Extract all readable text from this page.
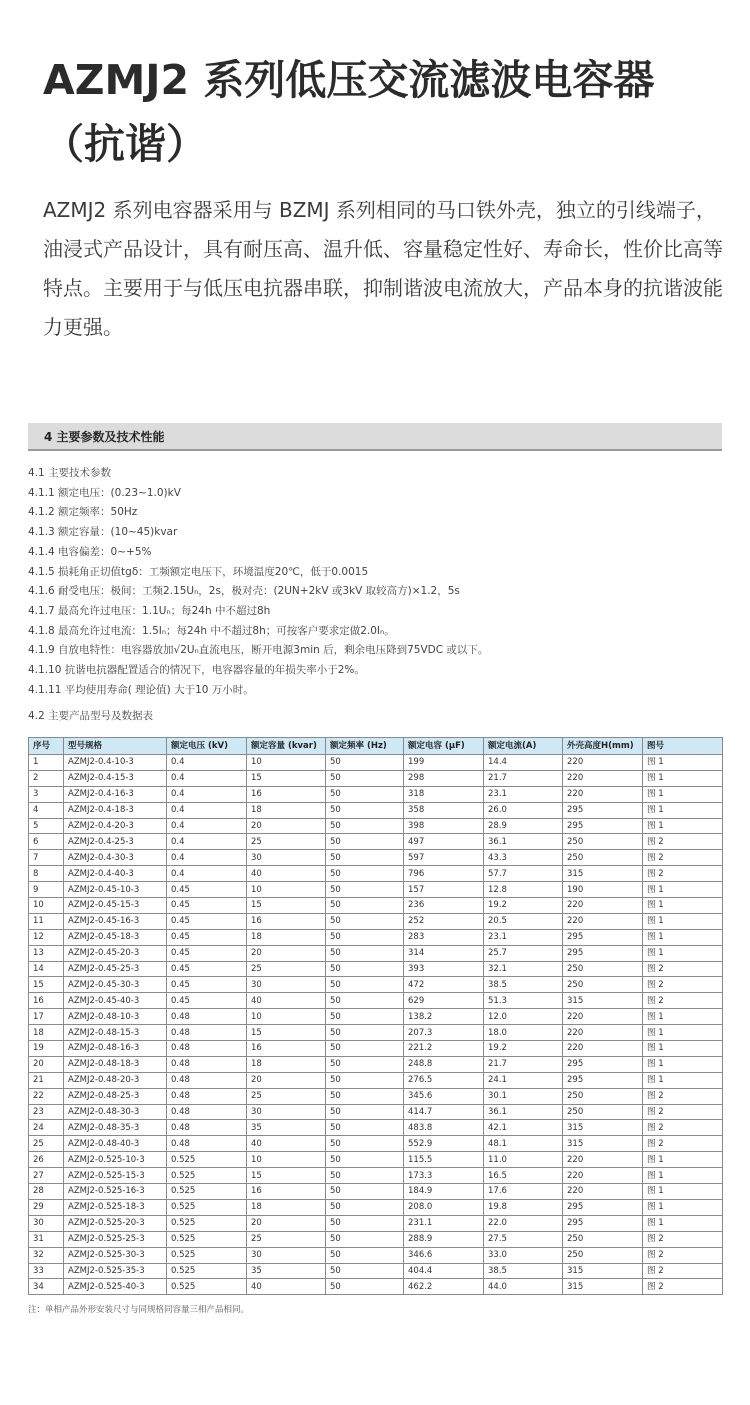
AZMJ2 系列低压交流滤波电容器（抗谐）

AZMJ2 系列电容器采用与 BZMJ 系列相同的马口铁外壳，独立的引线端子，油浸式产品设计，具有耐压高、温升低、容量稳定性好、寿命长，性价比高等特点。主要用于与低压电抗器串联，抑制谐波电流放大，产品本身的抗谐波能力更强。

4 主要参数及技术性能
4.1 主要技术参数
4.1.1 额定电压：(0.23~1.0)kV
4.1.2 额定频率：50Hz
4.1.3 额定容量：(10~45)kvar
4.1.4 电容偏差：0~+5%
4.1.5 损耗角正切值tgδ：工频额定电压下，环境温度20℃，低于0.0015
4.1.6 耐受电压：极间：工频2.15Uₙ，2s，极对壳：(2UN+2kV 或3kV 取较高方)×1.2，5s
4.1.7 最高允许过电压：1.1Uₙ；每24h 中不超过8h
4.1.8 最高允许过电流：1.5Iₙ；每24h 中不超过8h；可按客户要求定做2.0Iₙ。
4.1.9 自放电特性：电容器放加√2Uₙ直流电压，断开电源3min 后，剩余电压降到75VDC 或以下。
4.1.10 抗谐电抗器配置适合的情况下，电容器容量的年损失率小于2%。
4.1.11 平均使用寿命( 理论值) 大于10 万小时。
4.2 主要产品型号及数据表
序号	型号规格	额定电压 (kV)	额定容量 (kvar)	额定频率 (Hz)	额定电容 (μF)	额定电流(A)	外壳高度H(mm)	图号
1	AZMJ2-0.4-10-3	0.4	10	50	199	14.4	220	图 1
2	AZMJ2-0.4-15-3	0.4	15	50	298	21.7	220	图 1
3	AZMJ2-0.4-16-3	0.4	16	50	318	23.1	220	图 1
4	AZMJ2-0.4-18-3	0.4	18	50	358	26.0	295	图 1
5	AZMJ2-0.4-20-3	0.4	20	50	398	28.9	295	图 1
6	AZMJ2-0.4-25-3	0.4	25	50	497	36.1	250	图 2
7	AZMJ2-0.4-30-3	0.4	30	50	597	43.3	250	图 2
8	AZMJ2-0.4-40-3	0.4	40	50	796	57.7	315	图 2
9	AZMJ2-0.45-10-3	0.45	10	50	157	12.8	190	图 1
10	AZMJ2-0.45-15-3	0.45	15	50	236	19.2	220	图 1
11	AZMJ2-0.45-16-3	0.45	16	50	252	20.5	220	图 1
12	AZMJ2-0.45-18-3	0.45	18	50	283	23.1	295	图 1
13	AZMJ2-0.45-20-3	0.45	20	50	314	25.7	295	图 1
14	AZMJ2-0.45-25-3	0.45	25	50	393	32.1	250	图 2
15	AZMJ2-0.45-30-3	0.45	30	50	472	38.5	250	图 2
16	AZMJ2-0.45-40-3	0.45	40	50	629	51.3	315	图 2
17	AZMJ2-0.48-10-3	0.48	10	50	138.2	12.0	220	图 1
18	AZMJ2-0.48-15-3	0.48	15	50	207.3	18.0	220	图 1
19	AZMJ2-0.48-16-3	0.48	16	50	221.2	19.2	220	图 1
20	AZMJ2-0.48-18-3	0.48	18	50	248.8	21.7	295	图 1
21	AZMJ2-0.48-20-3	0.48	20	50	276.5	24.1	295	图 1
22	AZMJ2-0.48-25-3	0.48	25	50	345.6	30.1	250	图 2
23	AZMJ2-0.48-30-3	0.48	30	50	414.7	36.1	250	图 2
24	AZMJ2-0.48-35-3	0.48	35	50	483.8	42.1	315	图 2
25	AZMJ2-0.48-40-3	0.48	40	50	552.9	48.1	315	图 2
26	AZMJ2-0.525-10-3	0.525	10	50	115.5	11.0	220	图 1
27	AZMJ2-0.525-15-3	0.525	15	50	173.3	16.5	220	图 1
28	AZMJ2-0.525-16-3	0.525	16	50	184.9	17.6	220	图 1
29	AZMJ2-0.525-18-3	0.525	18	50	208.0	19.8	295	图 1
30	AZMJ2-0.525-20-3	0.525	20	50	231.1	22.0	295	图 1
31	AZMJ2-0.525-25-3	0.525	25	50	288.9	27.5	250	图 2
32	AZMJ2-0.525-30-3	0.525	30	50	346.6	33.0	250	图 2
33	AZMJ2-0.525-35-3	0.525	35	50	404.4	38.5	315	图 2
34	AZMJ2-0.525-40-3	0.525	40	50	462.2	44.0	315	图 2
注：单相产品外形安装尺寸与同规格同容量三相产品相同。
